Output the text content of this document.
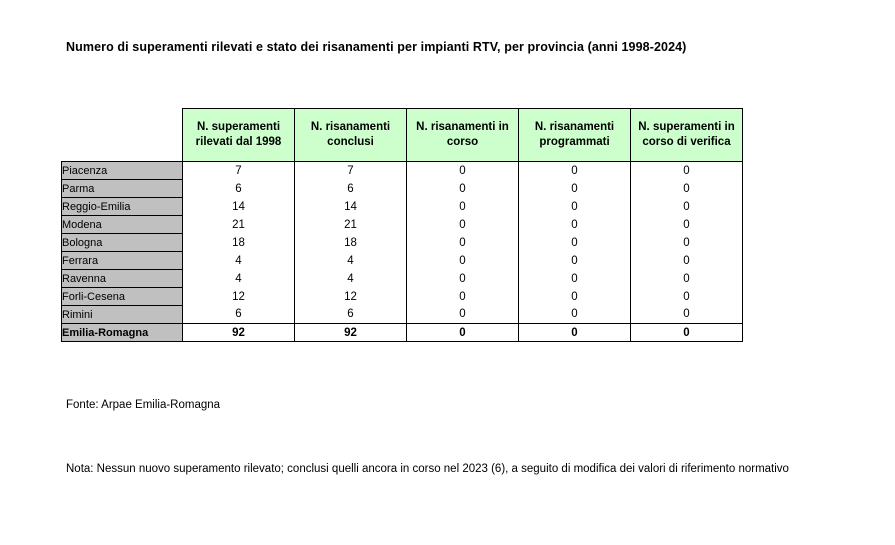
Numero di superamenti rilevati e stato dei risanamenti per impianti RTV, per provincia (anni 1998-2024)
	N. superamenti rilevati dal 1998	N. risanamenti conclusi	N. risanamenti in corso	N. risanamenti programmati	N. superamenti in corso di verifica
Piacenza	7	7	0	0	0
Parma	6	6	0	0	0
Reggio-Emilia	14	14	0	0	0
Modena	21	21	0	0	0
Bologna	18	18	0	0	0
Ferrara	4	4	0	0	0
Ravenna	4	4	0	0	0
Forli-Cesena	12	12	0	0	0
Rimini	6	6	0	0	0
Emilia-Romagna	92	92	0	0	0
Fonte: Arpae Emilia-Romagna
Nota: Nessun nuovo superamento rilevato; conclusi quelli ancora in corso nel 2023 (6), a seguito di modifica dei valori di riferimento normativo
